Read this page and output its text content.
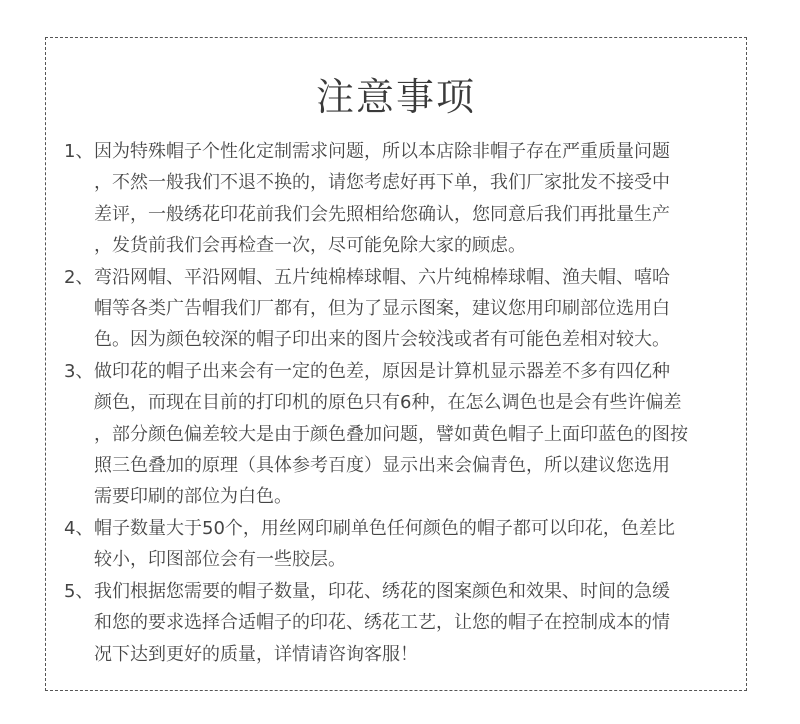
注意事项
1、 因为特殊帽子个性化定制需求问题，所以本店除非帽子存在严重质量问题
，不然一般我们不退不换的，请您考虑好再下单，我们厂家批发不接受中
差评，一般绣花印花前我们会先照相给您确认，您同意后我们再批量生产
，发货前我们会再检查一次，尽可能免除大家的顾虑。
2、 弯沿网帽、平沿网帽、五片纯棉棒球帽、六片纯棉棒球帽、渔夫帽、嘻哈
帽等各类广告帽我们厂都有，但为了显示图案，建议您用印刷部位选用白
色。因为颜色较深的帽子印出来的图片会较浅或者有可能色差相对较大。
3、 做印花的帽子出来会有一定的色差，原因是计算机显示器差不多有四亿种
颜色，而现在目前的打印机的原色只有6种，在怎么调色也是会有些许偏差
，部分颜色偏差较大是由于颜色叠加问题，譬如黄色帽子上面印蓝色的图按
照三色叠加的原理（具体参考百度）显示出来会偏青色，所以建议您选用
需要印刷的部位为白色。
4、 帽子数量大于50个，用丝网印刷单色任何颜色的帽子都可以印花，色差比
较小，印图部位会有一些胶层。
5、 我们根据您需要的帽子数量，印花、绣花的图案颜色和效果、时间的急缓
和您的要求选择合适帽子的印花、绣花工艺，让您的帽子在控制成本的情
况下达到更好的质量，详情请咨询客服！
